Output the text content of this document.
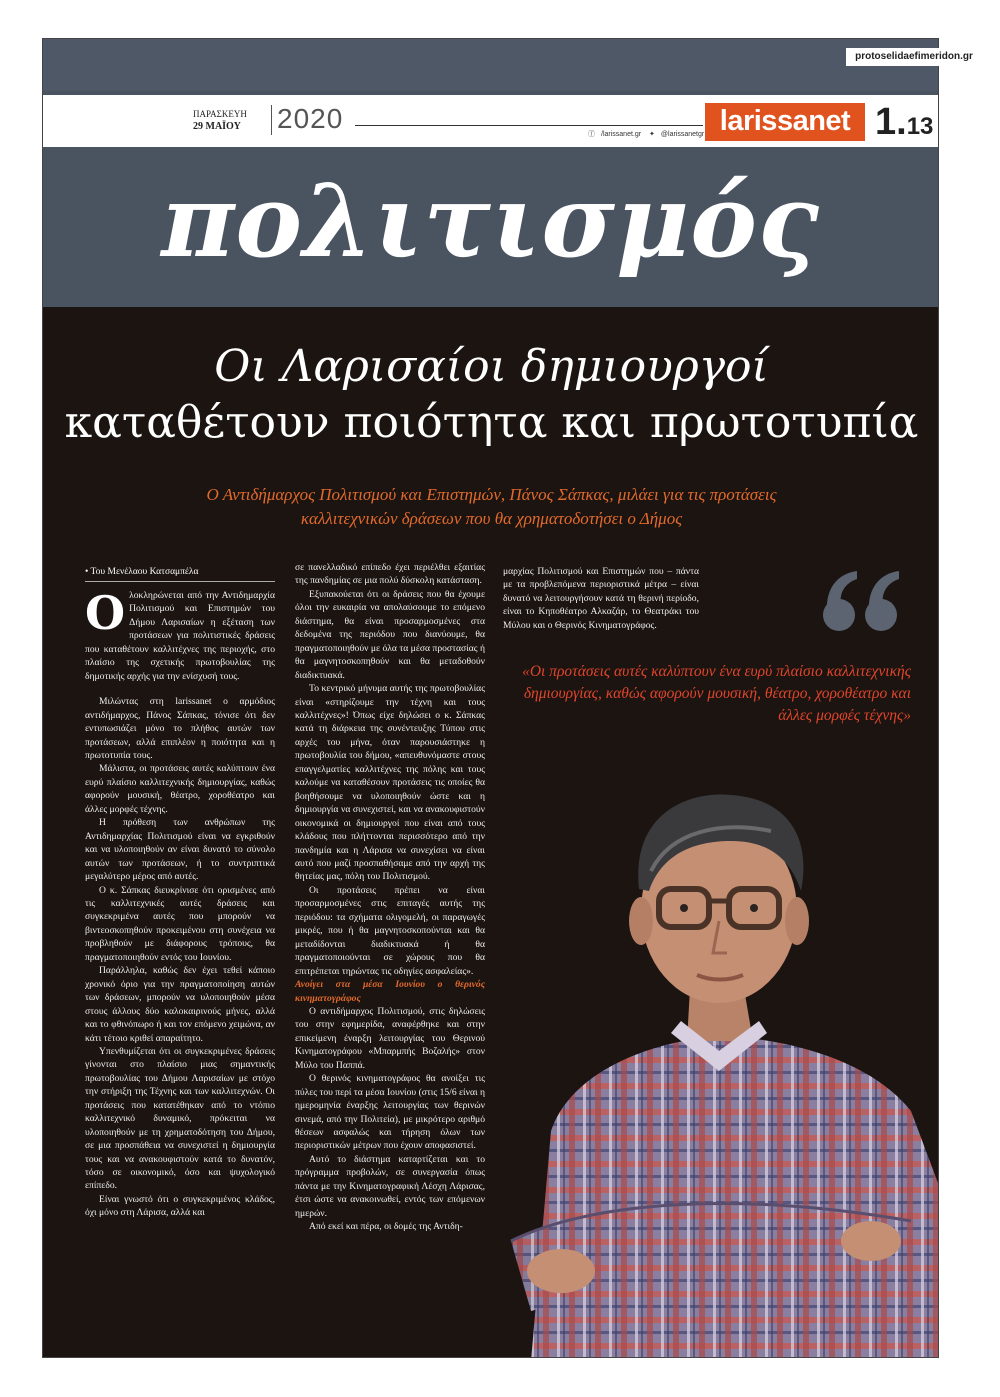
ΠΑΡΑΣΚΕΥΗ
29 ΜΑΪΟΥ 2020
ⓕ /larissanet.gr ✦ @larissanetgr larissanet 1.13
πολιτισμός
Οι Λαρισαίοι δημιουργοί
καταθέτουν ποιότητα και πρωτοτυπία
Ο Αντιδήμαρχος Πολιτισμού και Επιστημών, Πάνος Σάπκας, μιλάει για τις προτάσεις
καλλιτεχνικών δράσεων που θα χρηματοδοτήσει ο Δήμος
• Του Μενέλαου Κατσαμπέλα

Ολοκληρώνεται από την Αντιδημαρχία Πολιτισμού και Επιστημών του Δήμου Λαρισαίων η εξέταση των προτάσεων για πολιτιστικές δράσεις που καταθέτουν καλλιτέχνες της περιοχής, στο πλαίσιο της σχετικής πρωτοβουλίας της δημοτικής αρχής για την ενίσχυσή τους.

Μιλώντας στη larissanet ο αρμόδιος αντιδήμαρχος, Πάνος Σάπκας, τόνισε ότι δεν εντυπωσιάζει μόνο το πλήθος αυτών των προτάσεων, αλλά επιπλέον η ποιότητα και η πρωτοτυπία τους.

Μάλιστα, οι προτάσεις αυτές καλύπτουν ένα ευρύ πλαίσιο καλλιτεχνικής δημιουργίας, καθώς αφορούν μουσική, θέατρο, χοροθέατρο και άλλες μορφές τέχνης.

Η πρόθεση των ανθρώπων της Αντιδημαρχίας Πολιτισμού είναι να εγκριθούν και να υλοποιηθούν αν είναι δυνατό το σύνολο αυτών των προτάσεων, ή το συντριπτικά μεγαλύτερο μέρος από αυτές.

Ο κ. Σάπκας διευκρίνισε ότι ορισμένες από τις καλλιτεχνικές αυτές δράσεις και συγκεκριμένα αυτές που μπορούν να βιντεοσκοπηθούν προκειμένου στη συνέχεια να προβληθούν με διάφορους τρόπους, θα πραγματοποιηθούν εντός του Ιουνίου.

Παράλληλα, καθώς δεν έχει τεθεί κάποιο χρονικό όριο για την πραγματοποίηση αυτών των δράσεων, μπορούν να υλοποιηθούν μέσα στους άλλους δύο καλοκαιρινούς μήνες, αλλά και το φθινόπωρο ή και τον επόμενο χειμώνα, αν κάτι τέτοιο κριθεί απαραίτητο.

Υπενθυμίζεται ότι οι συγκεκριμένες δράσεις γίνονται στο πλαίσιο μιας σημαντικής πρωτοβουλίας του Δήμου Λαρισαίων με στόχο την στήριξη της Τέχνης και των καλλιτεχνών. Οι προτάσεις που κατατέθηκαν από το ντόπιο καλλιτεχνικό δυναμικό, πρόκειται να υλοποιηθούν με τη χρηματοδότηση του Δήμου, σε μια προσπάθεια να συνεχιστεί η δημιουργία τους και να ανακουφιστούν κατά το δυνατόν, τόσο σε οικονομικό, όσο και ψυχολογικό επίπεδο.

Είναι γνωστό ότι ο συγκεκριμένος κλάδος, όχι μόνο στη Λάρισα, αλλά και

σε πανελλαδικό επίπεδο έχει περιέλθει εξαιτίας της πανδημίας σε μια πολύ δύσκολη κατάσταση.

Εξυπακούεται ότι οι δράσεις που θα έχουμε όλοι την ευκαιρία να απολαύσουμε το επόμενο διάστημα, θα είναι προσαρμοσμένες στα δεδομένα της περιόδου που διανύουμε, θα πραγματοποιηθούν με όλα τα μέσα προστασίας ή θα μαγνητοσκοπηθούν και θα μεταδοθούν διαδικτυακά.

Το κεντρικό μήνυμα αυτής της πρωτοβουλίας είναι «στηρίζουμε την τέχνη και τους καλλιτέχνες»! Όπως είχε δηλώσει ο κ. Σάπκας κατά τη διάρκεια της συνέντευξης Τύπου στις αρχές του μήνα, όταν παρουσιάστηκε η πρωτοβουλία του δήμου, «απευθυνόμαστε στους επαγγελματίες καλλιτέχνες της πόλης και τους καλούμε να καταθέσουν προτάσεις τις οποίες θα βοηθήσουμε να υλοποιηθούν ώστε και η δημιουργία να συνεχιστεί, και να ανακουφιστούν οικονομικά οι δημιουργοί που είναι από τους κλάδους που πλήττονται περισσότερο από την πανδημία και η Λάρισα να συνεχίσει να είναι αυτό που μαζί προσπαθήσαμε από την αρχή της θητείας μας, πόλη του Πολιτισμού.

Οι προτάσεις πρέπει να είναι προσαρμοσμένες στις επιταγές αυτής της περιόδου: τα σχήματα ολιγομελή, οι παραγωγές μικρές, που ή θα μαγνητοσκοπούνται και θα μεταδίδονται διαδικτυακά ή θα πραγματοποιούνται σε χώρους που θα επιτρέπεται τηρώντας τις οδηγίες ασφαλείας».

Ανοίγει στα μέσα Ιουνίου ο θερινός κινηματογράφος

Ο αντιδήμαρχος Πολιτισμού, στις δηλώσεις του στην εφημερίδα, αναφέρθηκε και στην επικείμενη έναρξη λειτουργίας του Θερινού Κινηματογράφου «Μπαρμπής Βοζαλής» στον Μύλο του Παππά.

Ο θερινός κινηματογράφος θα ανοίξει τις πύλες του περί τα μέσα Ιουνίου (στις 15/6 είναι η ημερομηνία έναρξης λειτουργίας των θερινών σινεμά, από την Πολιτεία), με μικρότερο αριθμό θέσεων ασφαλώς και τήρηση όλων των περιοριστικών μέτρων που έχουν αποφασιστεί.

Αυτό το διάστημα καταρτίζεται και το πρόγραμμα προβολών, σε συνεργασία όπως πάντα με την Κινηματογραφική Λέσχη Λάρισας, έτσι ώστε να ανακοινωθεί, εντός των επόμενων ημερών.

Από εκεί και πέρα, οι δομές της Αντιδη-

μαρχίας Πολιτισμού και Επιστημών που – πάντα με τα προβλεπόμενα περιοριστικά μέτρα – είναι δυνατό να λειτουργήσουν κατά τη θερινή περίοδο, είναι το Κηποθέατρο Αλκαζάρ, το Θεατράκι του Μύλου και ο Θερινός Κινηματογράφος.

«Οι προτάσεις αυτές καλύπτουν ένα ευρύ πλαίσιο καλλιτεχνικής δημιουργίας, καθώς αφορούν μουσική, θέατρο, χοροθέατρο και άλλες μορφές τέχνης»
protoselidaefimeridon.gr
